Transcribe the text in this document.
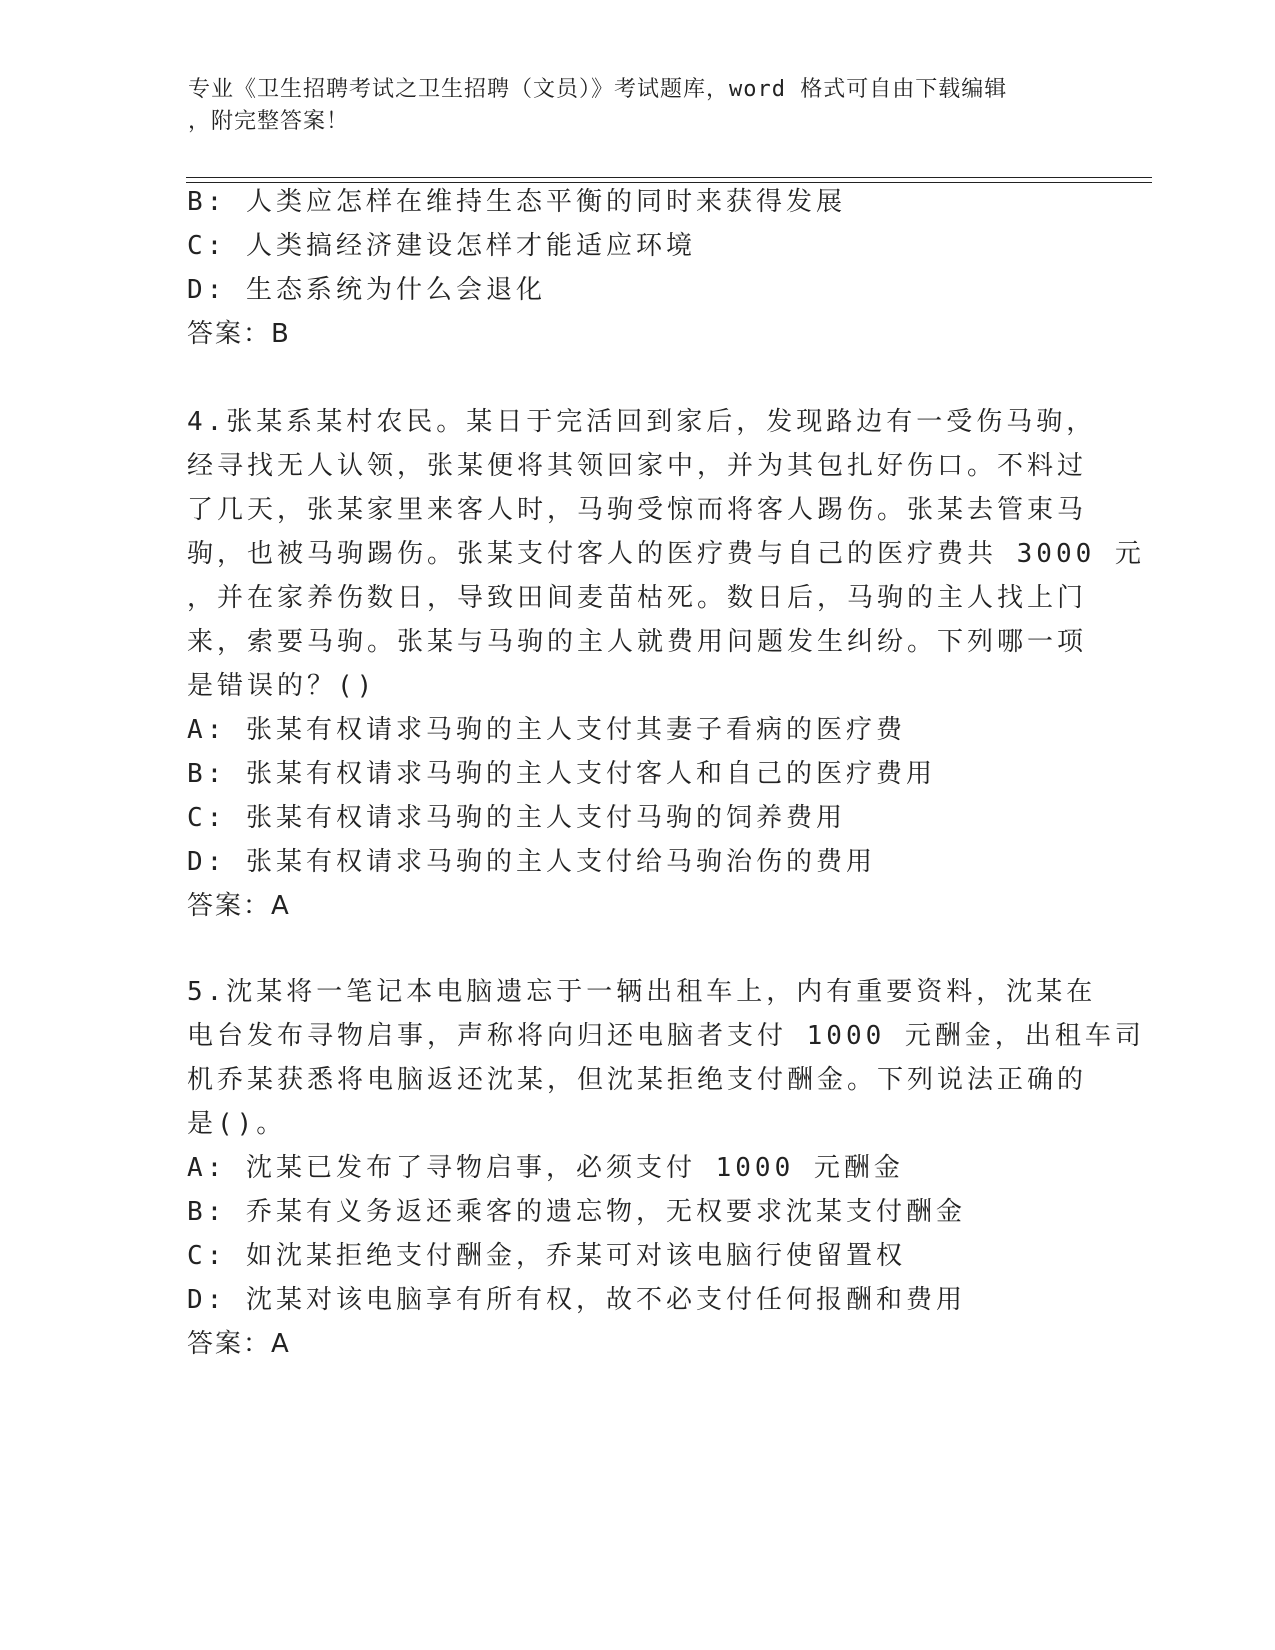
专业《卫生招聘考试之卫生招聘（文员）》考试题库，word 格式可自由下载编辑
，附完整答案！
B: 人类应怎样在维持生态平衡的同时来获得发展
C: 人类搞经济建设怎样才能适应环境
D: 生态系统为什么会退化
答案：B
4.张某系某村农民。某日于完活回到家后，发现路边有一受伤马驹，
经寻找无人认领，张某便将其领回家中，并为其包扎好伤口。不料过
了几天，张某家里来客人时，马驹受惊而将客人踢伤。张某去管束马
驹，也被马驹踢伤。张某支付客人的医疗费与自己的医疗费共 3000 元
，并在家养伤数日，导致田间麦苗枯死。数日后，马驹的主人找上门
来，索要马驹。张某与马驹的主人就费用问题发生纠纷。下列哪一项
是错误的？()
A: 张某有权请求马驹的主人支付其妻子看病的医疗费
B: 张某有权请求马驹的主人支付客人和自己的医疗费用
C: 张某有权请求马驹的主人支付马驹的饲养费用
D: 张某有权请求马驹的主人支付给马驹治伤的费用
答案：A
5.沈某将一笔记本电脑遗忘于一辆出租车上，内有重要资料，沈某在
电台发布寻物启事，声称将向归还电脑者支付 1000 元酬金，出租车司
机乔某获悉将电脑返还沈某，但沈某拒绝支付酬金。下列说法正确的
是()。
A: 沈某已发布了寻物启事，必须支付 1000 元酬金
B: 乔某有义务返还乘客的遗忘物，无权要求沈某支付酬金
C: 如沈某拒绝支付酬金，乔某可对该电脑行使留置权
D: 沈某对该电脑享有所有权，故不必支付任何报酬和费用
答案：A
